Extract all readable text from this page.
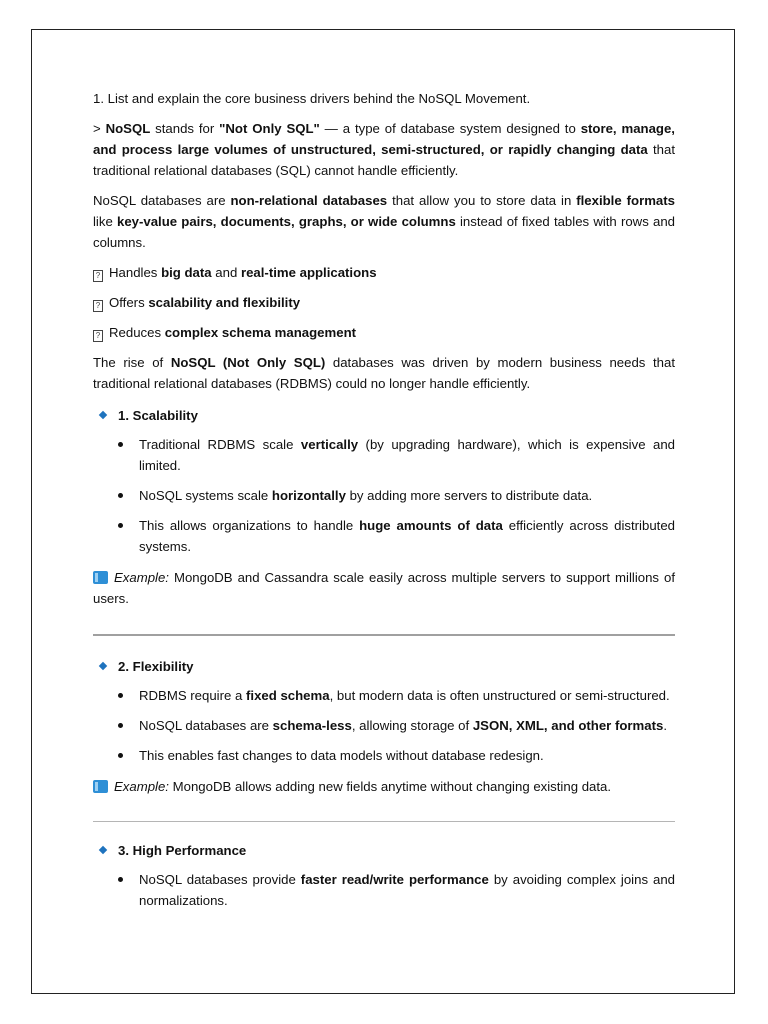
1. List and explain the core business drivers behind the NoSQL Movement.

> NoSQL stands for "Not Only SQL" — a type of database system designed to store, manage, and process large volumes of unstructured, semi-structured, or rapidly changing data that traditional relational databases (SQL) cannot handle efficiently.

NoSQL databases are non-relational databases that allow you to store data in flexible formats like key-value pairs, documents, graphs, or wide columns instead of fixed tables with rows and columns.

? Handles big data and real-time applications

? Offers scalability and flexibility

? Reduces complex schema management

The rise of NoSQL (Not Only SQL) databases was driven by modern business needs that traditional relational databases (RDBMS) could no longer handle efficiently.

1. Scalability
Traditional RDBMS scale vertically (by upgrading hardware), which is expensive and limited.
NoSQL systems scale horizontally by adding more servers to distribute data.
This allows organizations to handle huge amounts of data efficiently across distributed systems.

Example: MongoDB and Cassandra scale easily across multiple servers to support millions of users.

2. Flexibility
RDBMS require a fixed schema, but modern data is often unstructured or semi-structured.
NoSQL databases are schema-less, allowing storage of JSON, XML, and other formats.
This enables fast changes to data models without database redesign.

Example: MongoDB allows adding new fields anytime without changing existing data.

3. High Performance
NoSQL databases provide faster read/write performance by avoiding complex joins and normalizations.
